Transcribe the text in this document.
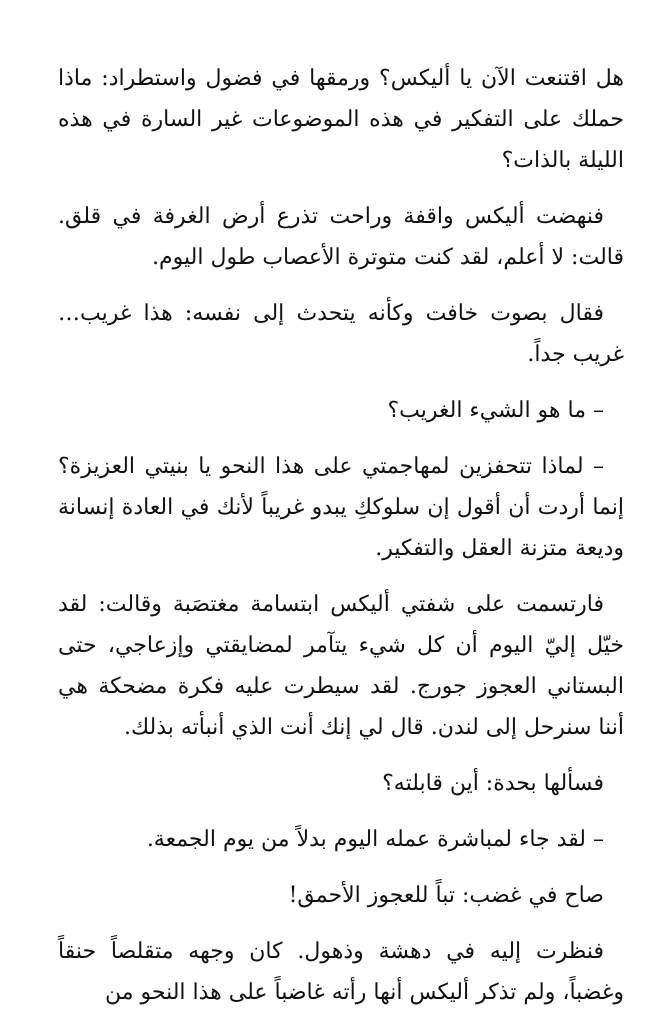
هل اقتنعت الآن يا أليكس؟ ورمقها في فضول واستطراد: ماذا حملك على التفكير في هذه الموضوعات غير السارة في هذه الليلة بالذات؟

فنهضت أليكس واقفة وراحت تذرع أرض الغرفة في قلق. قالت: لا أعلم، لقد كنت متوترة الأعصاب طول اليوم.

فقال بصوت خافت وكأنه يتحدث إلى نفسه: هذا غريب… غريب جداً.

– ما هو الشيء الغريب؟

– لماذا تتحفزين لمهاجمتي على هذا النحو يا بنيتي العزيزة؟ إنما أردت أن أقول إن سلوككِ يبدو غريباً لأنك في العادة إنسانة وديعة متزنة العقل والتفكير.

فارتسمت على شفتي أليكس ابتسامة مغتصَبة وقالت: لقد خيّل إليّ اليوم أن كل شيء يتآمر لمضايقتي وإزعاجي، حتى البستاني العجوز جورج. لقد سيطرت عليه فكرة مضحكة هي أننا سنرحل إلى لندن. قال لي إنك أنت الذي أنبأته بذلك.

فسألها بحدة: أين قابلته؟

– لقد جاء لمباشرة عمله اليوم بدلاً من يوم الجمعة.

صاح في غضب: تباً للعجوز الأحمق!

فنظرت إليه في دهشة وذهول. كان وجهه متقلصاً حنقاً وغضباً، ولم تذكر أليكس أنها رأته غاضباً على هذا النحو من
